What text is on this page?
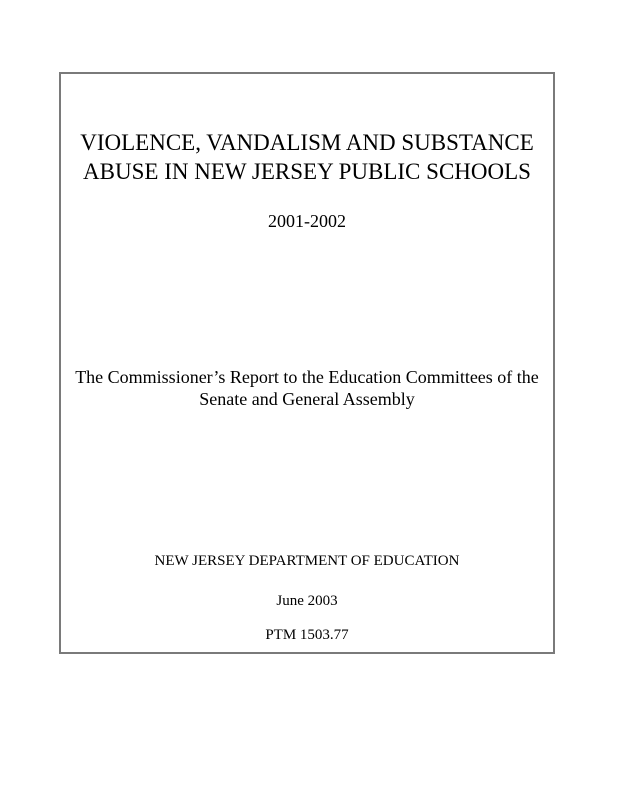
VIOLENCE, VANDALISM AND SUBSTANCE
ABUSE IN NEW JERSEY PUBLIC SCHOOLS

2001-2002

The Commissioner’s Report to the Education Committees of the
Senate and General Assembly

NEW JERSEY DEPARTMENT OF EDUCATION

June 2003

PTM 1503.77
